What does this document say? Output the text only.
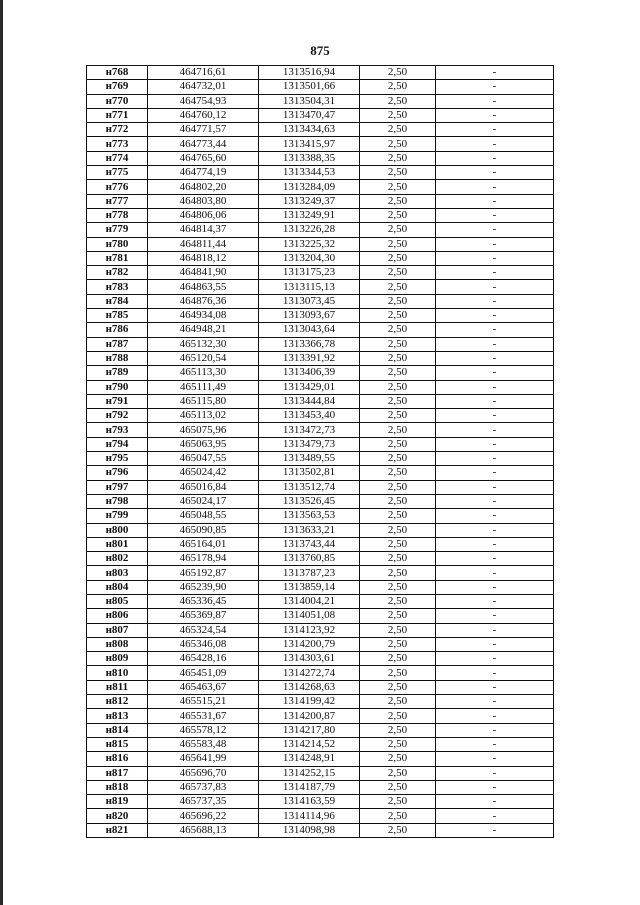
875
н768	464716,61	1313516,94	2,50	-
н769	464732,01	1313501,66	2,50	-
н770	464754,93	1313504,31	2,50	-
н771	464760,12	1313470,47	2,50	-
н772	464771,57	1313434,63	2,50	-
н773	464773,44	1313415,97	2,50	-
н774	464765,60	1313388,35	2,50	-
н775	464774,19	1313344,53	2,50	-
н776	464802,20	1313284,09	2,50	-
н777	464803,80	1313249,37	2,50	-
н778	464806,06	1313249,91	2,50	-
н779	464814,37	1313226,28	2,50	-
н780	464811,44	1313225,32	2,50	-
н781	464818,12	1313204,30	2,50	-
н782	464841,90	1313175,23	2,50	-
н783	464863,55	1313115,13	2,50	-
н784	464876,36	1313073,45	2,50	-
н785	464934,08	1313093,67	2,50	-
н786	464948,21	1313043,64	2,50	-
н787	465132,30	1313366,78	2,50	-
н788	465120,54	1313391,92	2,50	-
н789	465113,30	1313406,39	2,50	-
н790	465111,49	1313429,01	2,50	-
н791	465115,80	1313444,84	2,50	-
н792	465113,02	1313453,40	2,50	-
н793	465075,96	1313472,73	2,50	-
н794	465063,95	1313479,73	2,50	-
н795	465047,55	1313489,55	2,50	-
н796	465024,42	1313502,81	2,50	-
н797	465016,84	1313512,74	2,50	-
н798	465024,17	1313526,45	2,50	-
н799	465048,55	1313563,53	2,50	-
н800	465090,85	1313633,21	2,50	-
н801	465164,01	1313743,44	2,50	-
н802	465178,94	1313760,85	2,50	-
н803	465192,87	1313787,23	2,50	-
н804	465239,90	1313859,14	2,50	-
н805	465336,45	1314004,21	2,50	-
н806	465369,87	1314051,08	2,50	-
н807	465324,54	1314123,92	2,50	-
н808	465346,08	1314200,79	2,50	-
н809	465428,16	1314303,61	2,50	-
н810	465451,09	1314272,74	2,50	-
н811	465463,67	1314268,63	2,50	-
н812	465515,21	1314199,42	2,50	-
н813	465531,67	1314200,87	2,50	-
н814	465578,12	1314217,80	2,50	-
н815	465583,48	1314214,52	2,50	-
н816	465641,99	1314248,91	2,50	-
н817	465696,70	1314252,15	2,50	-
н818	465737,83	1314187,79	2,50	-
н819	465737,35	1314163,59	2,50	-
н820	465696,22	1314114,96	2,50	-
н821	465688,13	1314098,98	2,50	-
